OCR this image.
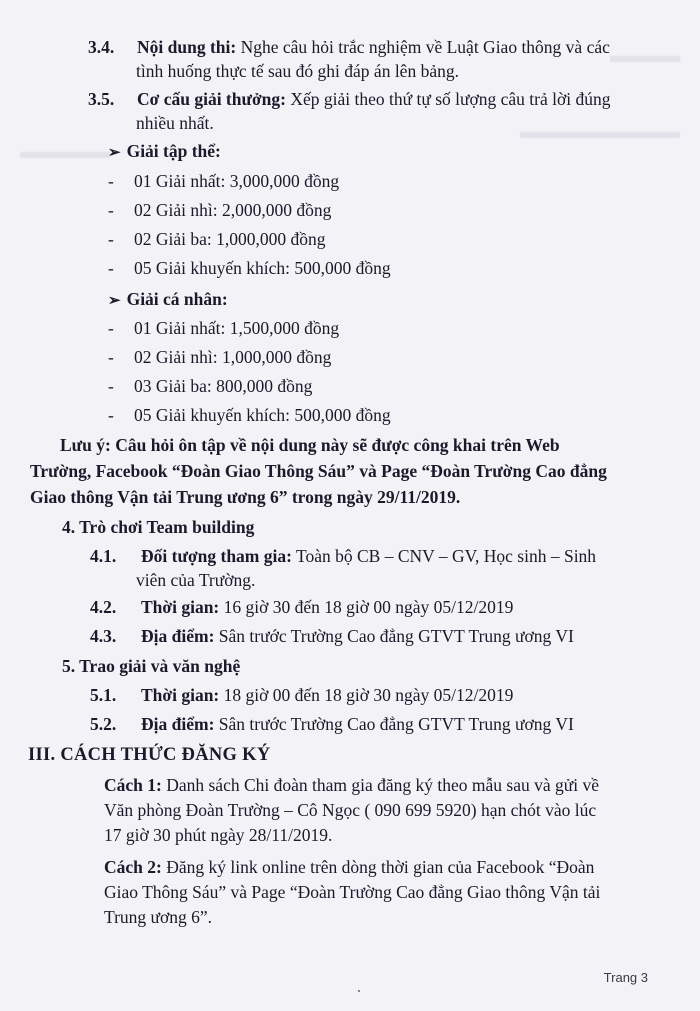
3.4. Nội dung thi: Nghe câu hỏi trắc nghiệm về Luật Giao thông và các
tình huống thực tế sau đó ghi đáp án lên bảng.
3.5. Cơ cấu giải thưởng: Xếp giải theo thứ tự số lượng câu trả lời đúng
nhiều nhất.
➢ Giải tập thể:
- 01 Giải nhất: 3,000,000 đồng
- 02 Giải nhì: 2,000,000 đồng
- 02 Giải ba: 1,000,000 đồng
- 05 Giải khuyến khích: 500,000 đồng
➢ Giải cá nhân:
- 01 Giải nhất: 1,500,000 đồng
- 02 Giải nhì: 1,000,000 đồng
- 03 Giải ba: 800,000 đồng
- 05 Giải khuyến khích: 500,000 đồng
Lưu ý: Câu hỏi ôn tập về nội dung này sẽ được công khai trên Web
Trường, Facebook “Đoàn Giao Thông Sáu” và Page “Đoàn Trường Cao đẳng
Giao thông Vận tải Trung ương 6” trong ngày 29/11/2019.
4. Trò chơi Team building
4.1. Đối tượng tham gia: Toàn bộ CB – CNV – GV, Học sinh – Sinh
viên của Trường.
4.2. Thời gian: 16 giờ 30 đến 18 giờ 00 ngày 05/12/2019
4.3. Địa điểm: Sân trước Trường Cao đẳng GTVT Trung ương VI
5. Trao giải và văn nghệ
5.1. Thời gian: 18 giờ 00 đến 18 giờ 30 ngày 05/12/2019
5.2. Địa điểm: Sân trước Trường Cao đẳng GTVT Trung ương VI
III. CÁCH THỨC ĐĂNG KÝ
Cách 1: Danh sách Chi đoàn tham gia đăng ký theo mẫu sau và gửi về
Văn phòng Đoàn Trường – Cô Ngọc ( 090 699 5920) hạn chót vào lúc
17 giờ 30 phút ngày 28/11/2019.
Cách 2: Đăng ký link online trên dòng thời gian của Facebook “Đoàn
Giao Thông Sáu” và Page “Đoàn Trường Cao đẳng Giao thông Vận tải
Trung ương 6”.
Trang 3
